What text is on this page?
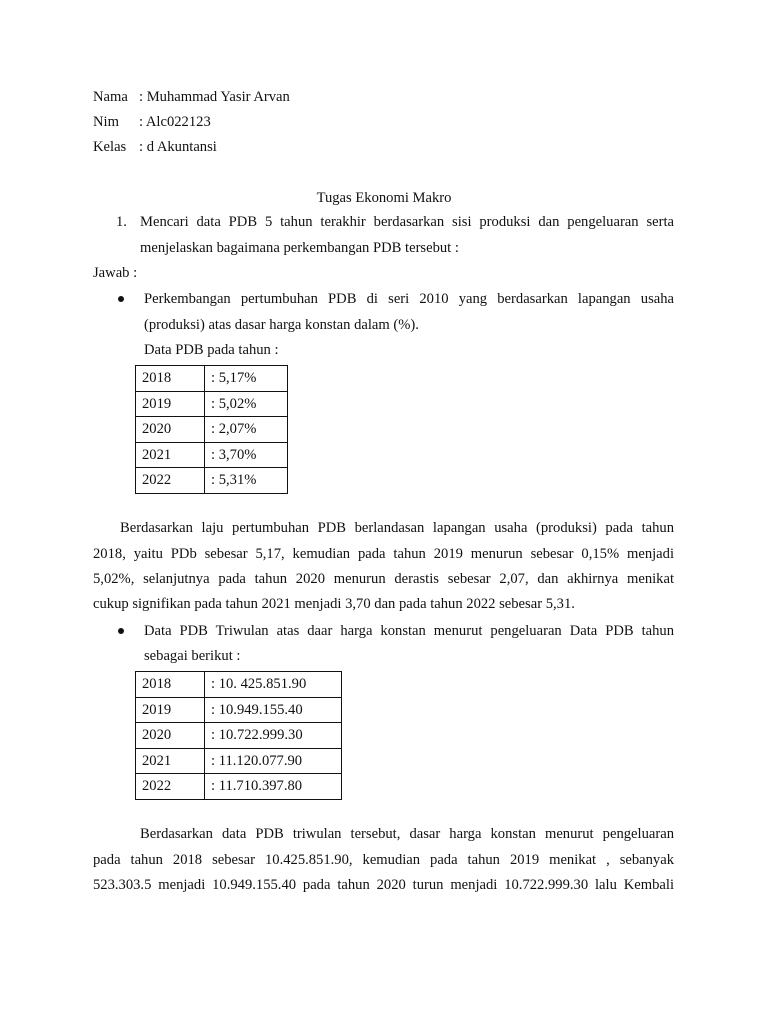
Nama : Muhammad Yasir Arvan
Nim : Alc022123
Kelas : d Akuntansi
Tugas Ekonomi Makro
1. Mencari data PDB 5 tahun terakhir berdasarkan sisi produksi dan pengeluaran serta
menjelaskan bagaimana perkembangan PDB tersebut :
Jawab :
Perkembangan pertumbuhan PDB di seri 2010 yang berdasarkan lapangan usaha
(produksi) atas dasar harga konstan dalam (%).
Data PDB pada tahun :
2018	: 5,17%
2019	: 5,02%
2020	: 2,07%
2021	: 3,70%
2022	: 5,31%
Berdasarkan laju pertumbuhan PDB berlandasan lapangan usaha (produksi) pada tahun
2018, yaitu PDb sebesar 5,17, kemudian pada tahun 2019 menurun sebesar 0,15% menjadi
5,02%, selanjutnya pada tahun 2020 menurun derastis sebesar 2,07, dan akhirnya menikat
cukup signifikan pada tahun 2021 menjadi 3,70 dan pada tahun 2022 sebesar 5,31.
Data PDB Triwulan atas daar harga konstan menurut pengeluaran Data PDB tahun
sebagai berikut :
2018	: 10. 425.851.90
2019	: 10.949.155.40
2020	: 10.722.999.30
2021	: 11.120.077.90
2022	: 11.710.397.80
Berdasarkan data PDB triwulan tersebut, dasar harga konstan menurut pengeluaran
pada tahun 2018 sebesar 10.425.851.90, kemudian pada tahun 2019 menikat , sebanyak
523.303.5 menjadi 10.949.155.40 pada tahun 2020 turun menjadi 10.722.999.30 lalu Kembali
